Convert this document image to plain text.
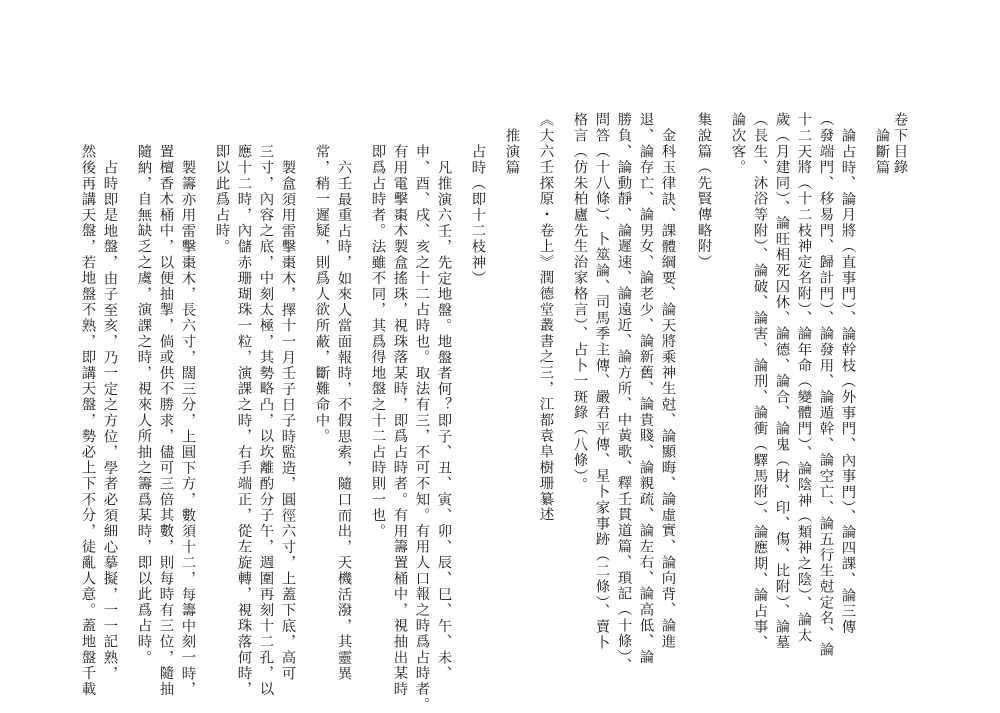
卷下目錄
論斷篇
論占時、論月將（直事門）、論幹枝（外事門、內事門）、論四課、論三傳
（發端門、移易門、歸計門）、論發用、論遁幹、論空亡、論五行生尅定名、論
十二天將（十二枝神定名附）、論年命（變體門）、論陰神（類神之陰）、論太
歲（月建同）、論旺相死囚休、論德、論合、論鬼（財、印、傷、比附）、論墓
（長生、沐浴等附）、論破、論害、論刑、論衝（驛馬附）、論應期、論占事、
論次客。
集說篇（先賢傳略附）
金科玉律訣、課體綱要、論天將乘神生尅、論顯晦、論虛實、論向背、論進
退、論存亡、論男女、論老少、論新舊、論貴賤、論親疏、論左右、論高低、論
勝負、論動靜、論遲速、論遠近、論方所、中黃歌、釋壬貫道篇、瑣記（十條）、
問答（十八條）、卜筮論、司馬季主傳、嚴君平傳、星卜家事跡（二條）、賣卜
格言（仿朱柏廬先生治家格言）、占卜一斑錄（八條）。
《大六壬探原・卷上》潤德堂叢書之三，江都袁阜樹珊纂述
推演篇
占時（即十二枝神）
凡推演六壬，先定地盤。地盤者何？即子、丑、寅、卯、辰、巳、午、未、
申、酉、戌、亥之十二占時也。取法有三，不可不知。有用人口報之時爲占時者。
有用電擊棗木製盒搖珠，視珠落某時，即爲占時者。有用籌置桶中，視抽出某時
即爲占時者。法雖不同，其爲得地盤之十二占時則一也。
六壬最重占時，如來人當面報時，不假思索，隨口而出，天機活潑，其靈異
常，稍一遲疑，則爲人欲所蔽，斷難命中。
製盒須用雷擊棗木，擇十一月壬子日子時監造，圓徑六寸，上蓋下底，高可
三寸，內容之底，中刻太極，其勢略凸，以坎離酌分子午，週圍再刻十二孔，以
應十二時，內儲赤珊瑚珠一粒，演課之時，右手端正，從左旋轉，視珠落何時，
即以此爲占時。
製籌亦用雷擊棗木，長六寸，闊三分，上圓下方，數須十二，每籌中刻一時，
置檀香木桶中，以便抽掣，倘或供不勝求，儘可三倍其數，則每時有三位，隨抽
隨納，自無缺乏之虞，演課之時，視來人所抽之籌爲某時，即以此爲占時。
占時即是地盤，由子至亥，乃一定之方位，學者必須細心摹擬，一一記熟，
然後再講天盤，若地盤不熟，即講天盤，勢必上下不分，徒亂人意。蓋地盤千載
